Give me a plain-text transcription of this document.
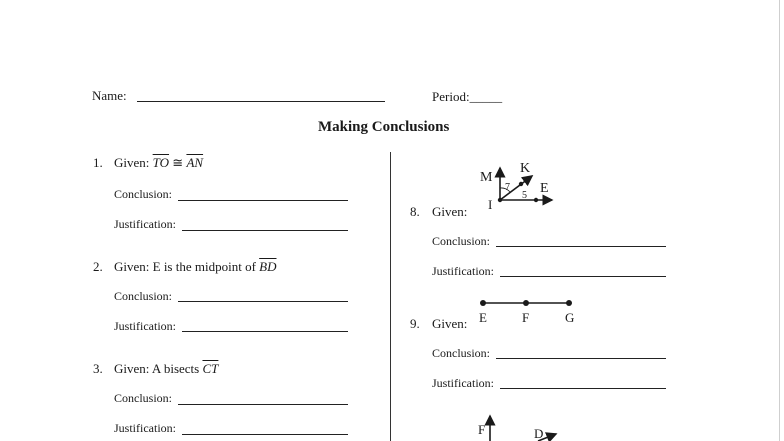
Name:	Period:_____
Making Conclusions
1. Given: $\overline{TO}$ ≅ $\overline{AN}$
Conclusion:
Justification:
2. Given: E is the midpoint of $\overline{BD}$
Conclusion:
Justification:
3. Given: A bisects $\overline{CT}$
Conclusion:
Justification:
M
K
E
I
7
5
8. Given:
Conclusion:
Justification:
E	F	G
9. Given:
Conclusion:
Justification:
F	D
